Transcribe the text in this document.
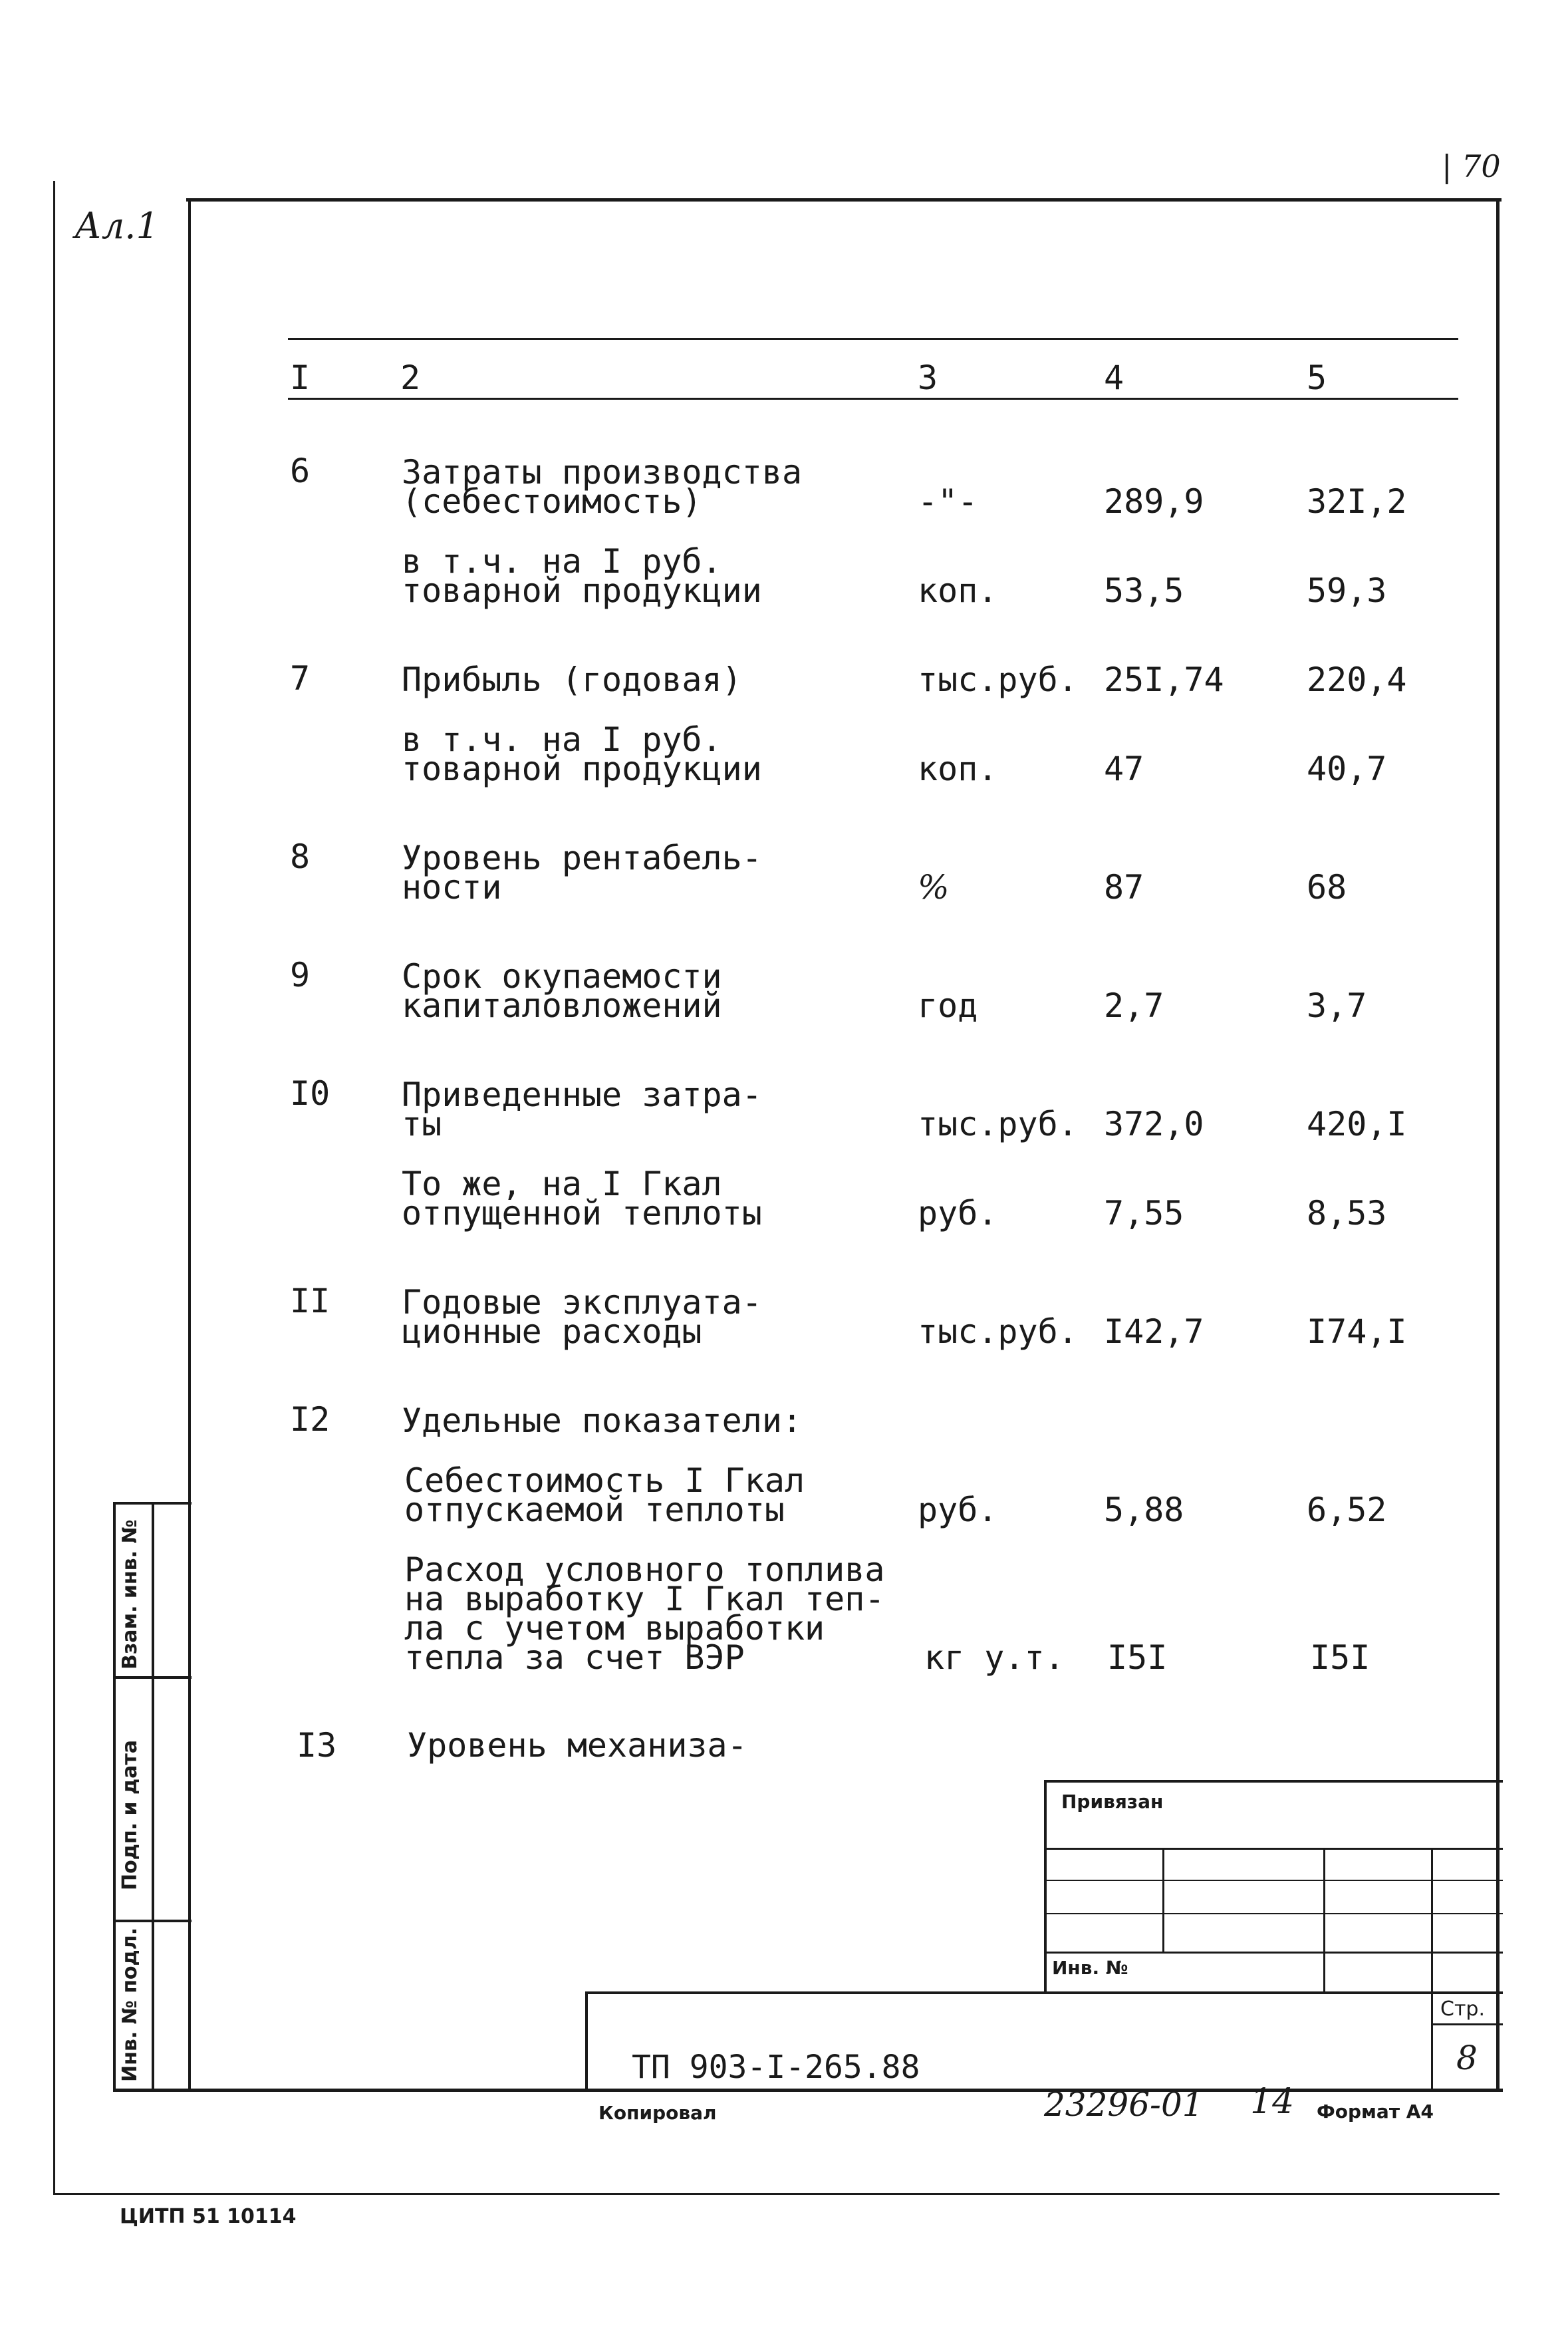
Ал.1
| 70
I	2	3	4	5
6	Затраты производства
(себестоимость)	-"-	289,9	32I,2
в т.ч. на I руб.
товарной продукции	коп.	53,5	59,3
7	Прибыль (годовая)	тыс.руб. 25I,74 220,4
в т.ч. на I руб.
товарной продукции	коп.	47	40,7
8	Уровень рентабель-
ности	%	87	68
9	Срок окупаемости
капиталовложений	год	2,7	3,7
I0 Приведенные затра-
ты	тыс.руб. 372,0	420,I
То же, на I Гкал
отпущенной теплоты	руб.	7,55	8,53
II Годовые эксплуата-
ционные расходы	тыс.руб. I42,7	I74,I
I2 Удельные показатели:
Себестоимость I Гкал
отпускаемой теплоты	руб.	5,88	6,52
Расход условного топлива
на выработку I Гкал теп-
ла с учетом выработки
тепла за счет ВЭР	кг у.т. I5I	I5I
I3 Уровень механиза-
Взам. инв. №
Подп. и дата
Инв. № подл.
Привязан
Инв. №
Стр.
8
ТП 903-I-265.88
Копировал	23296-01 14 Формат А4
ЦИТП 51 10114
